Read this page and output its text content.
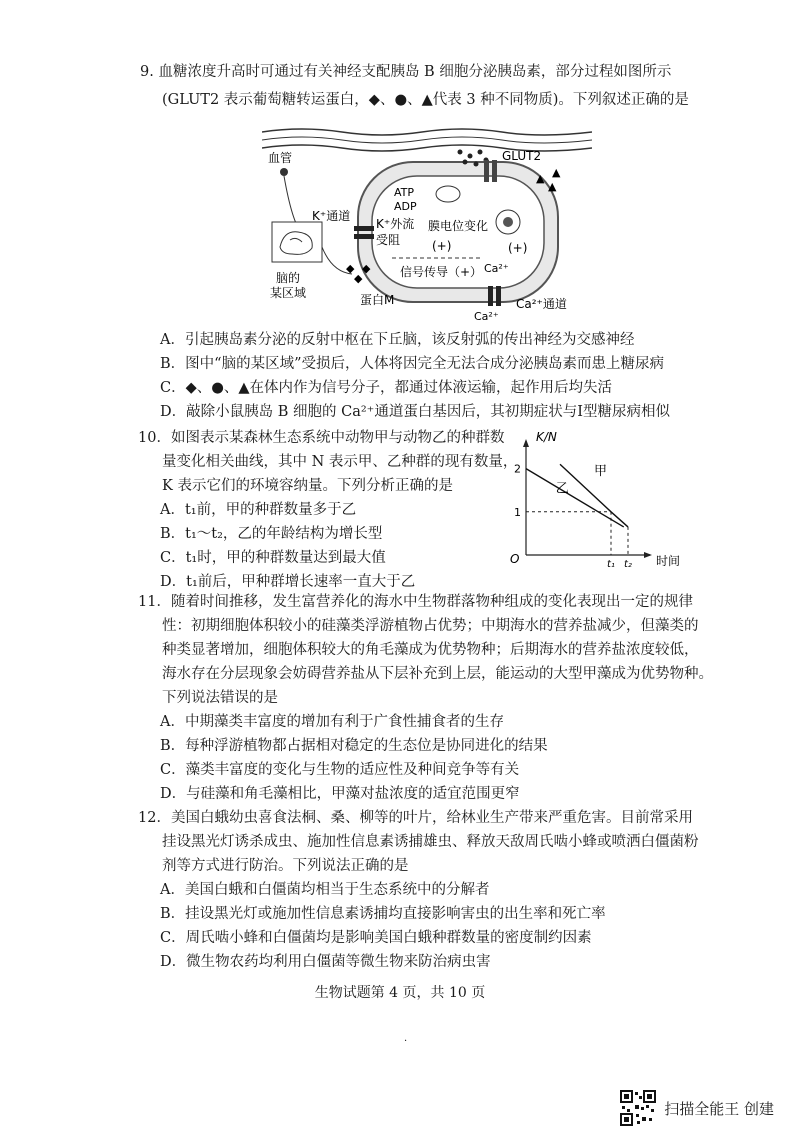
9. 血糖浓度升高时可通过有关神经支配胰岛 B 细胞分泌胰岛素，部分过程如图所示
(GLUT2 表示葡萄糖转运蛋白，◆、●、▲代表 3 种不同物质)。下列叙述正确的是
血管
脑的
某区域
◆
◆
◆
蛋白M
K⁺通道
K⁺外流
受阻
ATP
ADP
GLUT2
▲ ▲
▲
膜电位变化
(+)	(+)
信号传导（+） Ca²⁺
Ca²⁺
Ca²⁺通道
A．引起胰岛素分泌的反射中枢在下丘脑，该反射弧的传出神经为交感神经
B．图中“脑的某区域”受损后，人体将因完全无法合成分泌胰岛素而患上糖尿病
C．◆、●、▲在体内作为信号分子，都通过体液运输，起作用后均失活
D．敲除小鼠胰岛 B 细胞的 Ca²⁺通道蛋白基因后，其初期症状与Ⅰ型糖尿病相似
10．如图表示某森林生态系统中动物甲与动物乙的种群数
量变化相关曲线，其中 N 表示甲、乙种群的现有数量，
K 表示它们的环境容纳量。下列分析正确的是
A．t₁前，甲的种群数量多于乙
B．t₁～t₂，乙的年龄结构为增长型
C．t₁时，甲的种群数量达到最大值
D．t₁前后，甲种群增长速率一直大于乙
K/N
时间
O
1
2
t₁ t₂
甲
乙
11．随着时间推移，发生富营养化的海水中生物群落物种组成的变化表现出一定的规律
性：初期细胞体积较小的硅藻类浮游植物占优势；中期海水的营养盐减少，但藻类的
种类显著增加，细胞体积较大的角毛藻成为优势物种；后期海水的营养盐浓度较低，
海水存在分层现象会妨碍营养盐从下层补充到上层，能运动的大型甲藻成为优势物种。
下列说法错误的是
A．中期藻类丰富度的增加有利于广食性捕食者的生存
B．每种浮游植物都占据相对稳定的生态位是协同进化的结果
C．藻类丰富度的变化与生物的适应性及种间竞争等有关
D．与硅藻和角毛藻相比，甲藻对盐浓度的适宜范围更窄
12．美国白蛾幼虫喜食法桐、桑、柳等的叶片，给林业生产带来严重危害。目前常采用
挂设黑光灯诱杀成虫、施加性信息素诱捕雄虫、释放天敌周氏啮小蜂或喷洒白僵菌粉
剂等方式进行防治。下列说法正确的是
A．美国白蛾和白僵菌均相当于生态系统中的分解者
B．挂设黑光灯或施加性信息素诱捕均直接影响害虫的出生率和死亡率
C．周氏啮小蜂和白僵菌均是影响美国白蛾种群数量的密度制约因素
D．微生物农药均利用白僵菌等微生物来防治病虫害
生物试题第 4 页，共 10 页
·
扫描全能王 创建
